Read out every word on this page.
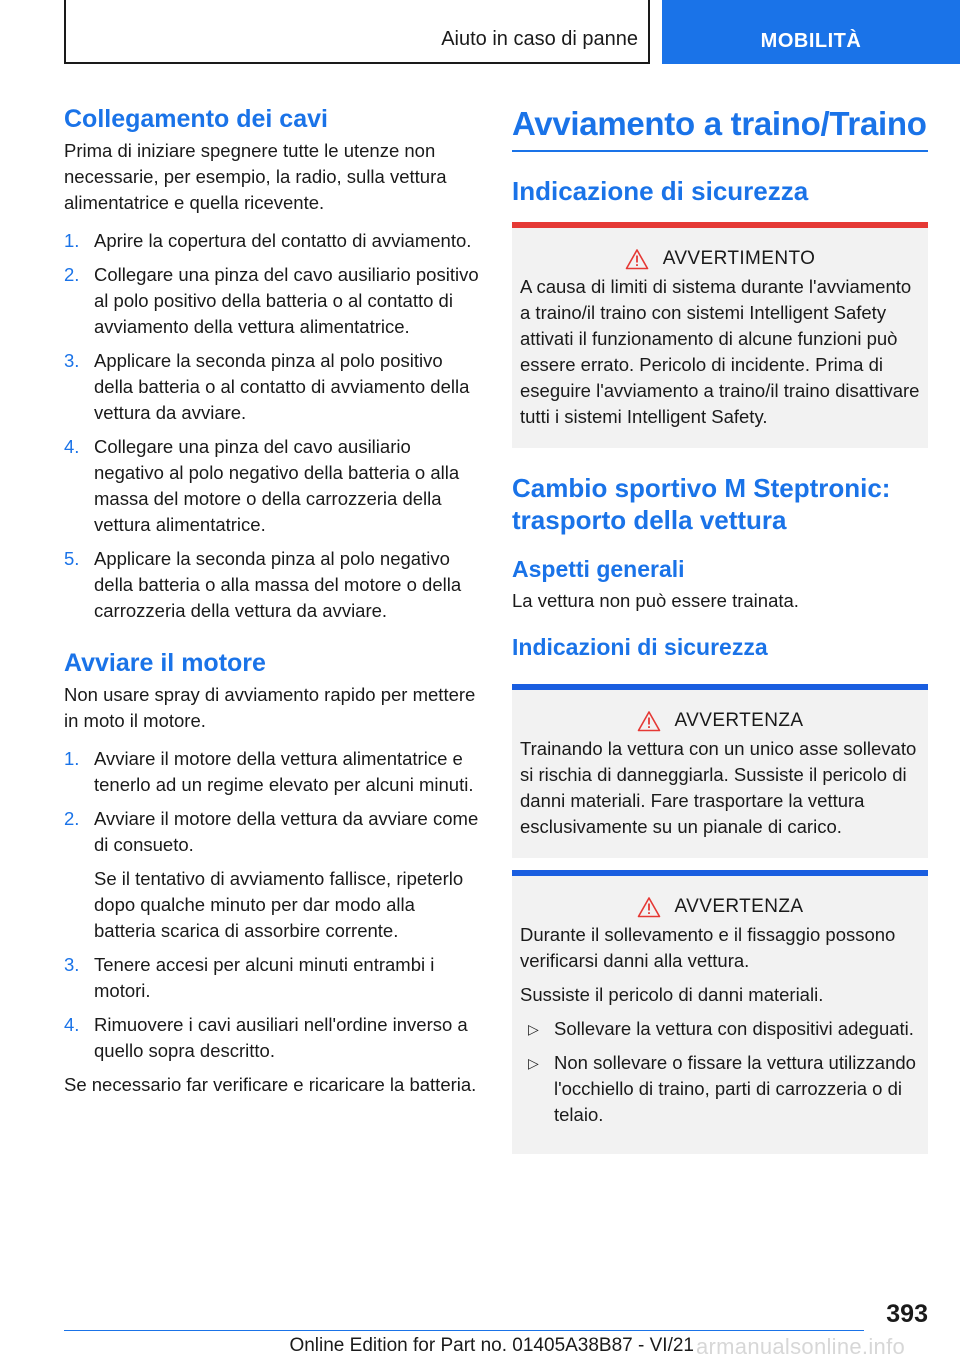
Aiuto in caso di panne	MOBILITÀ
Collegamento dei cavi

Prima di iniziare spegnere tutte le utenze non necessarie, per esempio, la radio, sulla vettura alimentatrice e quella ricevente.

1. Aprire la copertura del contatto di avviamento.
2. Collegare una pinza del cavo ausiliario positivo al polo positivo della batteria o al contatto di avviamento della vettura alimentatrice.
3. Applicare la seconda pinza al polo positivo della batteria o al contatto di avviamento della vettura da avviare.
4. Collegare una pinza del cavo ausiliario negativo al polo negativo della batteria o alla massa del motore o della carrozzeria della vettura alimentatrice.
5. Applicare la seconda pinza al polo negativo della batteria o alla massa del motore o della carrozzeria della vettura da avviare.
Avviare il motore

Non usare spray di avviamento rapido per mettere in moto il motore.

1. Avviare il motore della vettura alimentatrice e tenerlo ad un regime elevato per alcuni minuti.
2. Avviare il motore della vettura da avviare come di consueto.
Se il tentativo di avviamento fallisce, ripeterlo dopo qualche minuto per dar modo alla batteria scarica di assorbire corrente.
3. Tenere accesi per alcuni minuti entrambi i motori.
4. Rimuovere i cavi ausiliari nell'ordine inverso a quello sopra descritto.

Se necessario far verificare e ricaricare la batteria.

Avviamento a traino/Traino
Indicazione di sicurezza
AVVERTIMENTO

A causa di limiti di sistema durante l'avviamento a traino/il traino con sistemi Intelligent Safety attivati il funzionamento di alcune funzioni può essere errato. Pericolo di incidente. Prima di eseguire l'avviamento a traino/il traino disattivare tutti i sistemi Intelligent Safety.

Cambio sportivo M Steptronic: trasporto della vettura
Aspetti generali

La vettura non può essere trainata.

Indicazioni di sicurezza
AVVERTENZA

Trainando la vettura con un unico asse sollevato si rischia di danneggiarla. Sussiste il pericolo di danni materiali. Fare trasportare la vettura esclusivamente su un pianale di carico.

AVVERTENZA

Durante il sollevamento e il fissaggio possono verificarsi danni alla vettura.

Sussiste il pericolo di danni materiali.

▷ Sollevare la vettura con dispositivi adeguati.
▷ Non sollevare o fissare la vettura utilizzando l'occhiello di traino, parti di carrozzeria o di telaio.
393
Online Edition for Part no. 01405A38B87 - VI/21 armanualsonline.info
